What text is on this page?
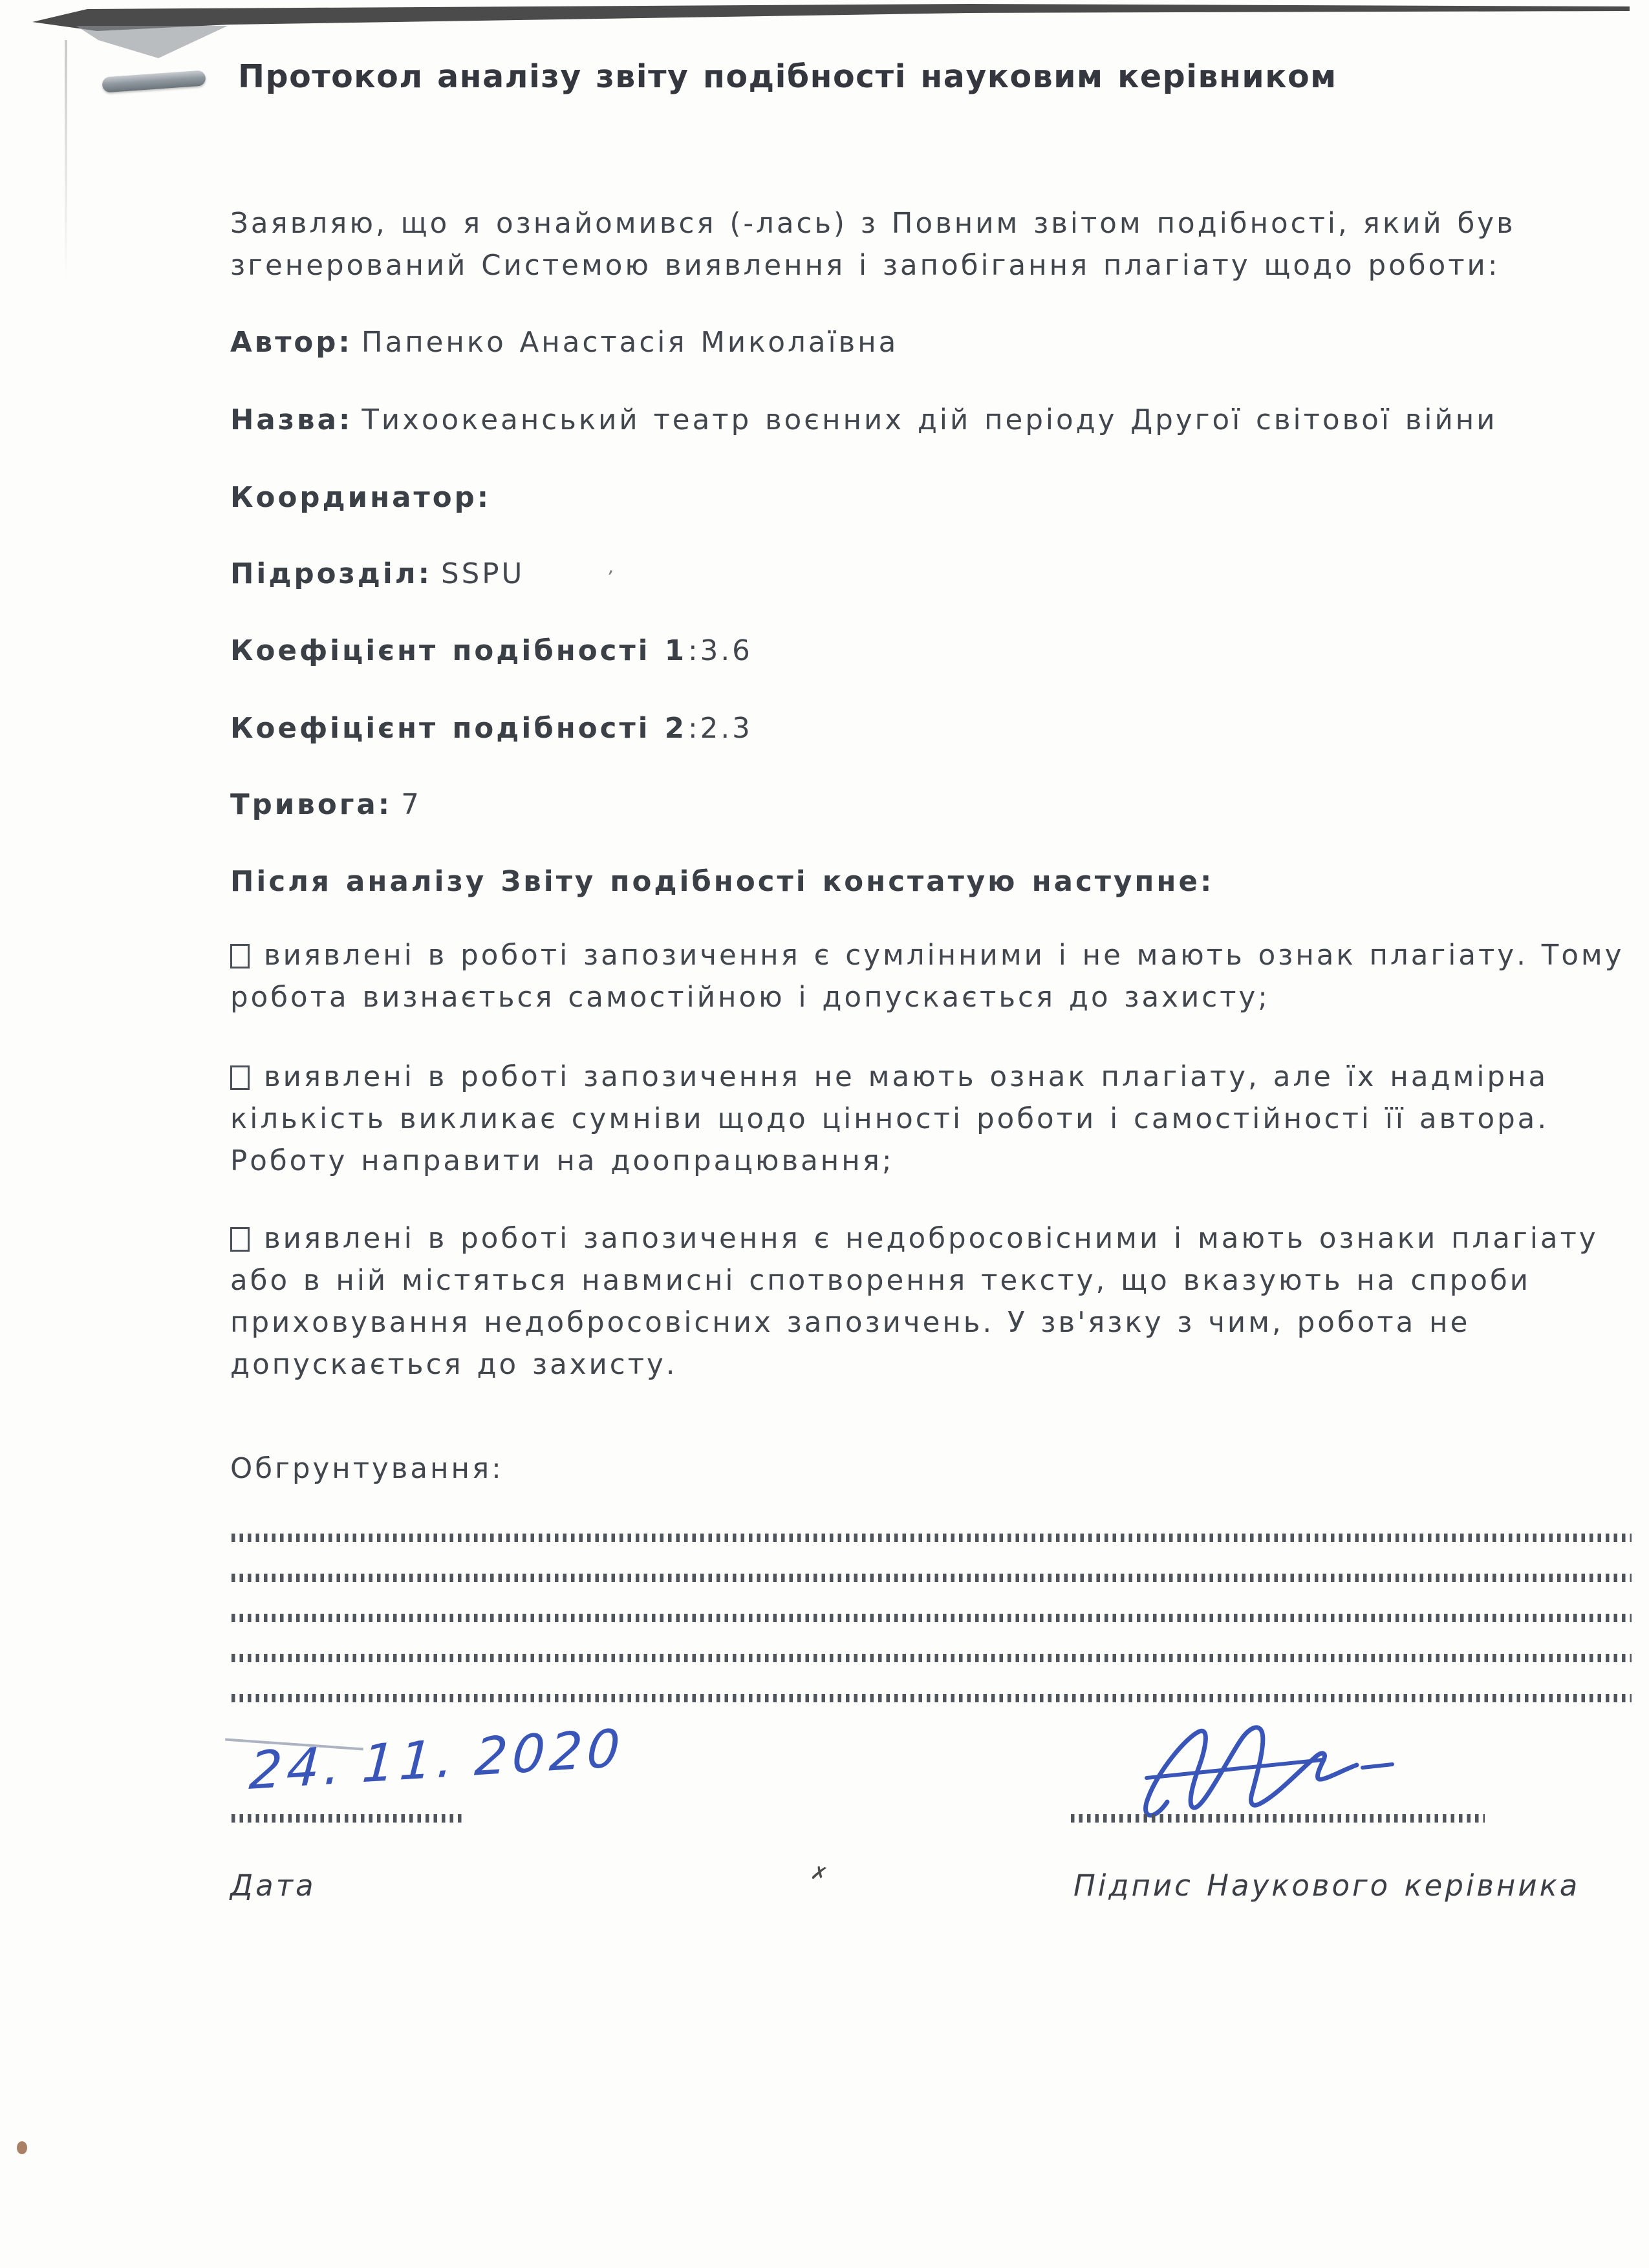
Протокол аналізу звіту подібності науковим керівником
Заявляю, що я ознайомився (-лась) з Повним звітом подібності, який був
згенерований Системою виявлення і запобігання плагіату щодо роботи:
Автор: Папенко Анастасія Миколаївна
Назва: Тихоокеанський театр воєнних дій періоду Другої світової війни
Координатор:
Підрозділ: SSPU
Коефіцієнт подібності 1:3.6
Коефіцієнт подібності 2:2.3
Тривога: 7
Після аналізу Звіту подібності констатую наступне:
виявлені в роботі запозичення є сумлінними і не мають ознак плагіату. Тому
робота визнається самостійною і допускається до захисту;
виявлені в роботі запозичення не мають ознак плагіату, але їх надмірна
кількість викликає сумніви щодо цінності роботи і самостійності її автора.
Роботу направити на доопрацювання;
виявлені в роботі запозичення є недобросовісними і мають ознаки плагіату
або в ній містяться навмисні спотворення тексту, що вказують на спроби
приховування недобросовісних запозичень. У зв'язку з чим, робота не
допускається до захисту.
Обгрунтування:
24. 11. 2020
Дата	Підпис Наукового керівника
✗
ʼ
